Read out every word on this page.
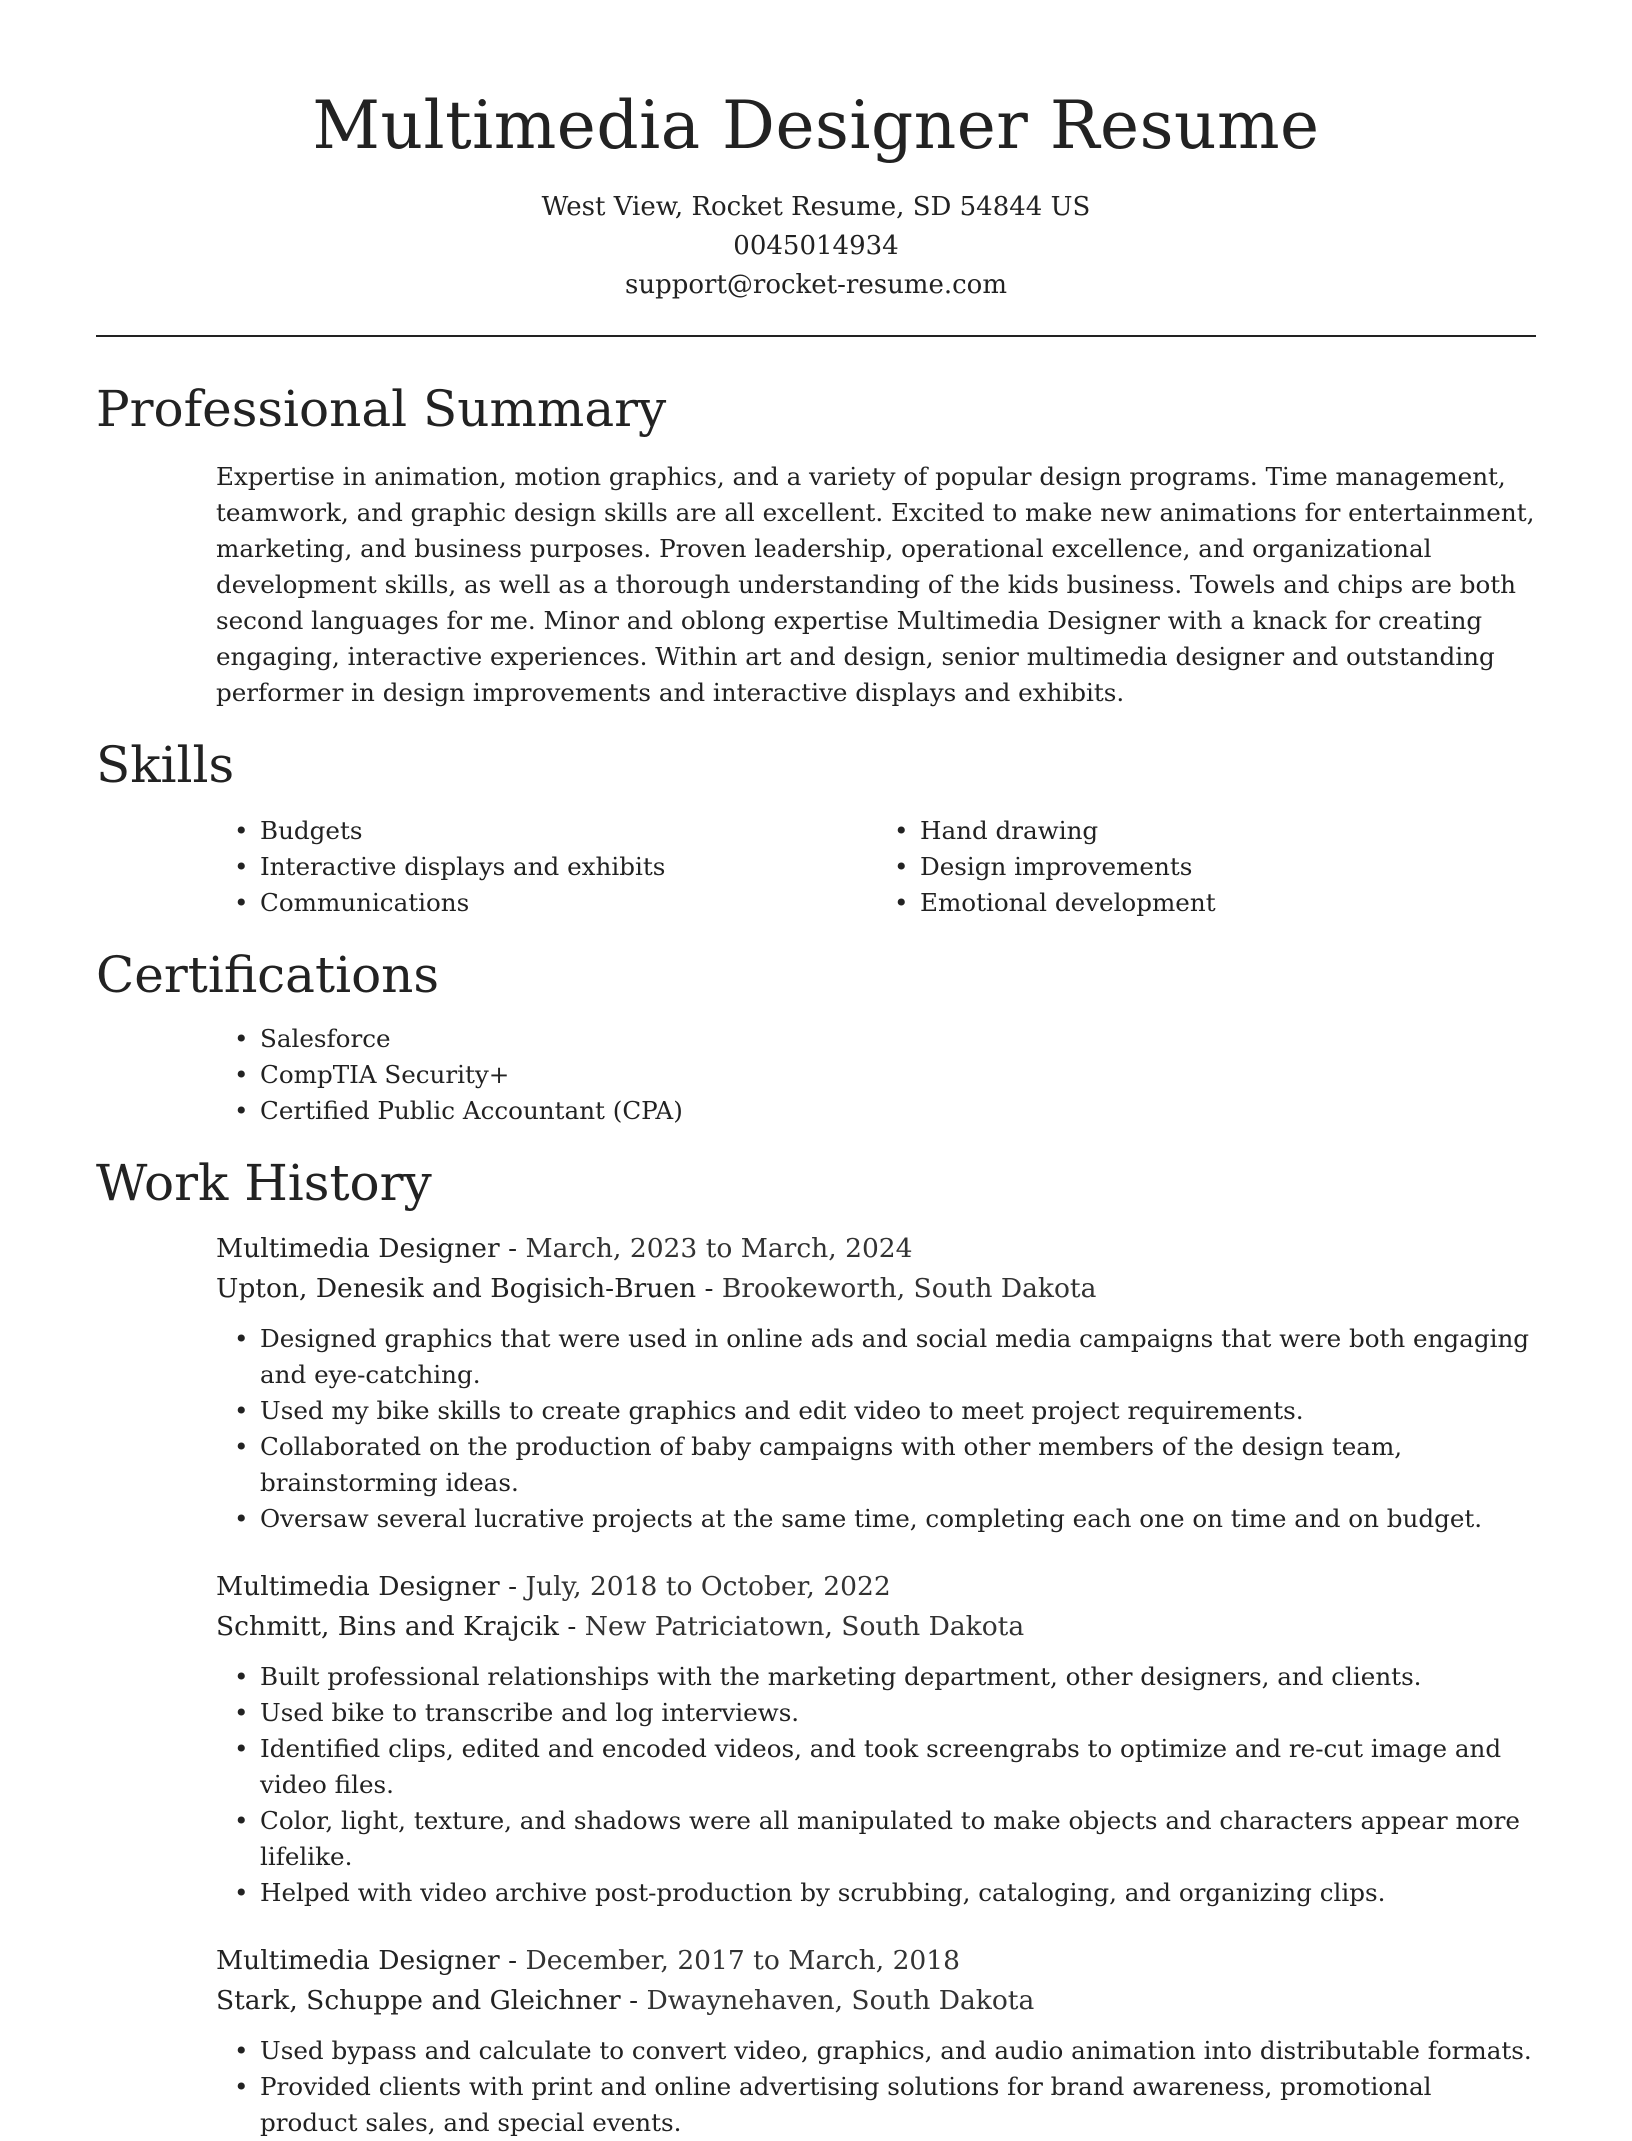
Multimedia Designer Resume
West View, Rocket Resume, SD 54844 US
0045014934
support@rocket-resume.com
Professional Summary

Expertise in animation, motion graphics, and a variety of popular design programs. Time management, teamwork, and graphic design skills are all excellent. Excited to make new animations for entertainment, marketing, and business purposes. Proven leadership, operational excellence, and organizational development skills, as well as a thorough understanding of the kids business. Towels and chips are both second languages for me. Minor and oblong expertise Multimedia Designer with a knack for creating engaging, interactive experiences. Within art and design, senior multimedia designer and outstanding performer in design improvements and interactive displays and exhibits.

Skills
• Budgets
• Interactive displays and exhibits
• Communications
• Hand drawing
• Design improvements
• Emotional development
Certifications
• Salesforce
• CompTIA Security+
• Certified Public Accountant (CPA)
Work History
Multimedia Designer - March, 2023 to March, 2024
Upton, Denesik and Bogisich-Bruen - Brookeworth, South Dakota
• Designed graphics that were used in online ads and social media campaigns that were both engaging and eye-catching.
• Used my bike skills to create graphics and edit video to meet project requirements.
• Collaborated on the production of baby campaigns with other members of the design team, brainstorming ideas.
• Oversaw several lucrative projects at the same time, completing each one on time and on budget.
Multimedia Designer - July, 2018 to October, 2022
Schmitt, Bins and Krajcik - New Patriciatown, South Dakota
• Built professional relationships with the marketing department, other designers, and clients.
• Used bike to transcribe and log interviews.
• Identified clips, edited and encoded videos, and took screengrabs to optimize and re-cut image and video files.
• Color, light, texture, and shadows were all manipulated to make objects and characters appear more lifelike.
• Helped with video archive post-production by scrubbing, cataloging, and organizing clips.
Multimedia Designer - December, 2017 to March, 2018
Stark, Schuppe and Gleichner - Dwaynehaven, South Dakota
• Used bypass and calculate to convert video, graphics, and audio animation into distributable formats.
• Provided clients with print and online advertising solutions for brand awareness, promotional product sales, and special events.
